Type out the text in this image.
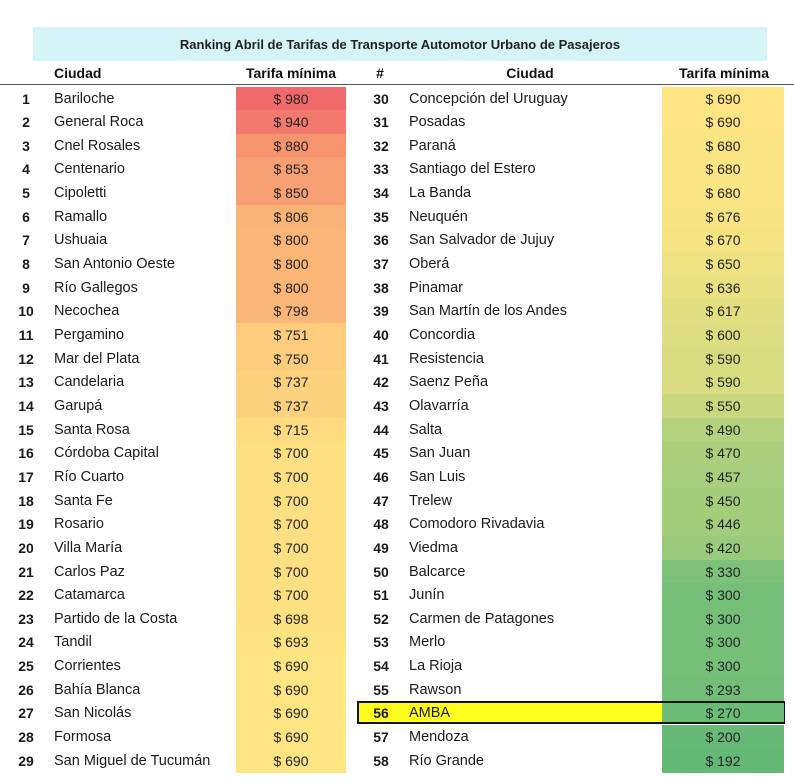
Ranking Abril de Tarifas de Transporte Automotor Urbano de Pasajeros
Ciudad	Tarifa mínima	#	Ciudad	Tarifa mínima
1	Bariloche	$ 980
2	General Roca	$ 940
3	Cnel Rosales	$ 880
4	Centenario	$ 853
5	Cipoletti	$ 850
6	Ramallo	$ 806
7	Ushuaia	$ 800
8	San Antonio Oeste	$ 800
9	Río Gallegos	$ 800
10	Necochea	$ 798
11	Pergamino	$ 751
12	Mar del Plata	$ 750
13	Candelaria	$ 737
14	Garupá	$ 737
15	Santa Rosa	$ 715
16	Córdoba Capital	$ 700
17	Río Cuarto	$ 700
18	Santa Fe	$ 700
19	Rosario	$ 700
20	Villa María	$ 700
21	Carlos Paz	$ 700
22	Catamarca	$ 700
23	Partido de la Costa	$ 698
24	Tandil	$ 693
25	Corrientes	$ 690
26	Bahía Blanca	$ 690
27	San Nicolás	$ 690
28	Formosa	$ 690
29	San Miguel de Tucumán	$ 690
30	Concepción del Uruguay	$ 690
31	Posadas	$ 690
32	Paraná	$ 680
33	Santiago del Estero	$ 680
34	La Banda	$ 680
35	Neuquén	$ 676
36	San Salvador de Jujuy	$ 670
37	Oberá	$ 650
38	Pinamar	$ 636
39	San Martín de los Andes	$ 617
40	Concordia	$ 600
41	Resistencia	$ 590
42	Saenz Peña	$ 590
43	Olavarría	$ 550
44	Salta	$ 490
45	San Juan	$ 470
46	San Luis	$ 457
47	Trelew	$ 450
48	Comodoro Rivadavia	$ 446
49	Viedma	$ 420
50	Balcarce	$ 330
51	Junín	$ 300
52	Carmen de Patagones	$ 300
53	Merlo	$ 300
54	La Rioja	$ 300
55	Rawson	$ 293
56	AMBA	$ 270
57	Mendoza	$ 200
58	Río Grande	$ 192
